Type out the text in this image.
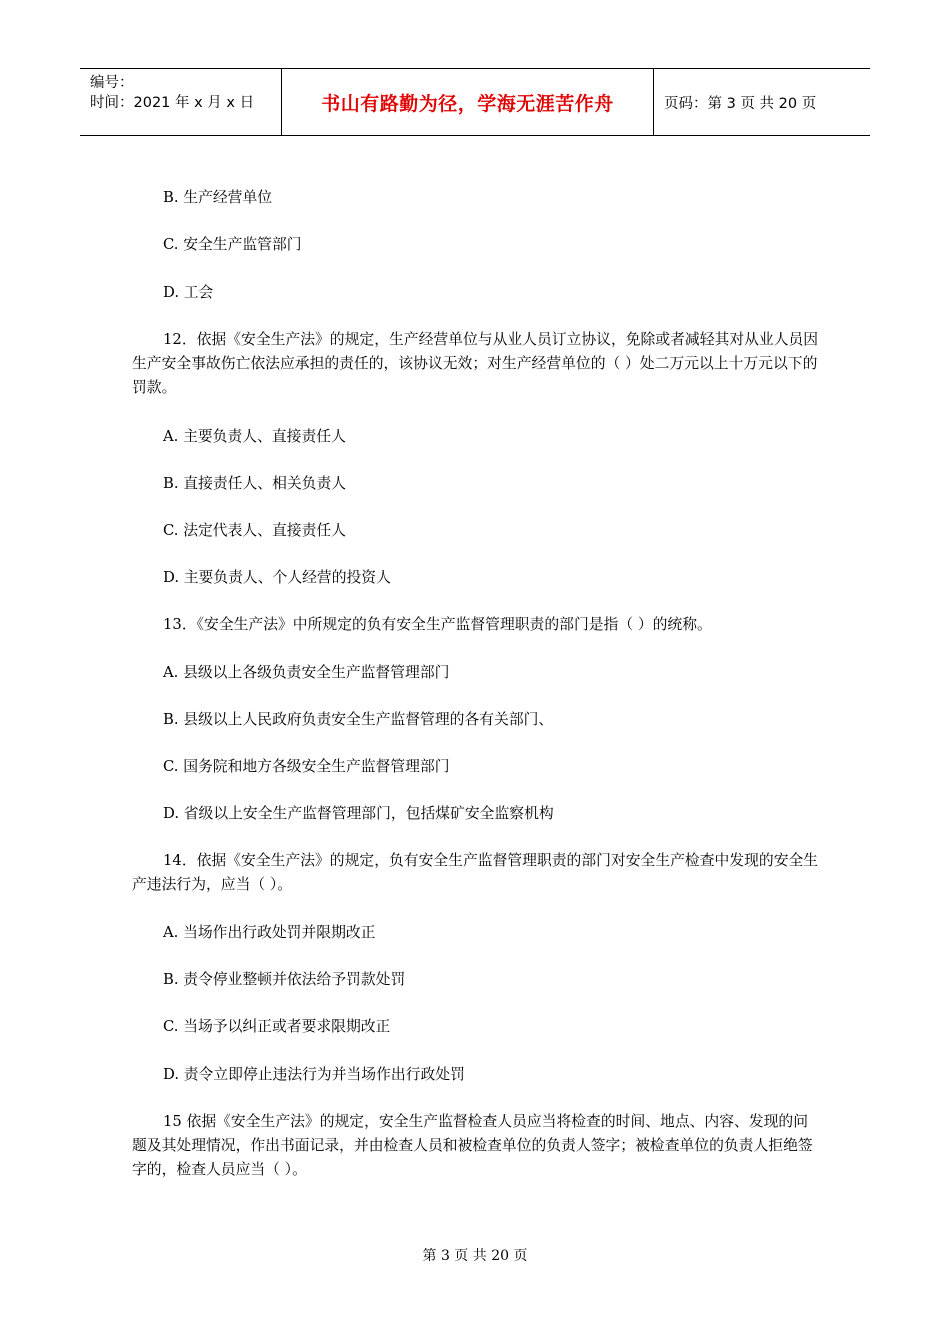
编号：
时间：2021 年 x 月 x 日	书山有路勤为径，学海无涯苦作舟	页码：第 3 页 共 20 页
B. 生产经营单位
C. 安全生产监管部门
D. 工会
12．依据《安全生产法》的规定，生产经营单位与从业人员订立协议，免除或者减轻其对从业人员因生产安全事故伤亡依法应承担的责任的，该协议无效；对生产经营单位的（ ）处二万元以上十万元以下的罚款。
A. 主要负责人、直接责任人
B. 直接责任人、相关负责人
C. 法定代表人、直接责任人
D. 主要负责人、个人经营的投资人
13．《安全生产法》中所规定的负有安全生产监督管理职责的部门是指（ ）的统称。
A. 县级以上各级负责安全生产监督管理部门
B. 县级以上人民政府负责安全生产监督管理的各有关部门、
C. 国务院和地方各级安全生产监督管理部门
D. 省级以上安全生产监督管理部门，包括煤矿安全监察机构
14．依据《安全生产法》的规定，负有安全生产监督管理职责的部门对安全生产检查中发现的安全生产违法行为，应当（ ）。
A. 当场作出行政处罚并限期改正
B. 责令停业整顿并依法给予罚款处罚
C. 当场予以纠正或者要求限期改正
D. 责令立即停止违法行为并当场作出行政处罚
15 依据《安全生产法》的规定，安全生产监督检查人员应当将检查的时间、地点、内容、发现的问题及其处理情况，作出书面记录，并由检查人员和被检查单位的负责人签字；被检查单位的负责人拒绝签字的，检查人员应当（ ）。
第 3 页 共 20 页
